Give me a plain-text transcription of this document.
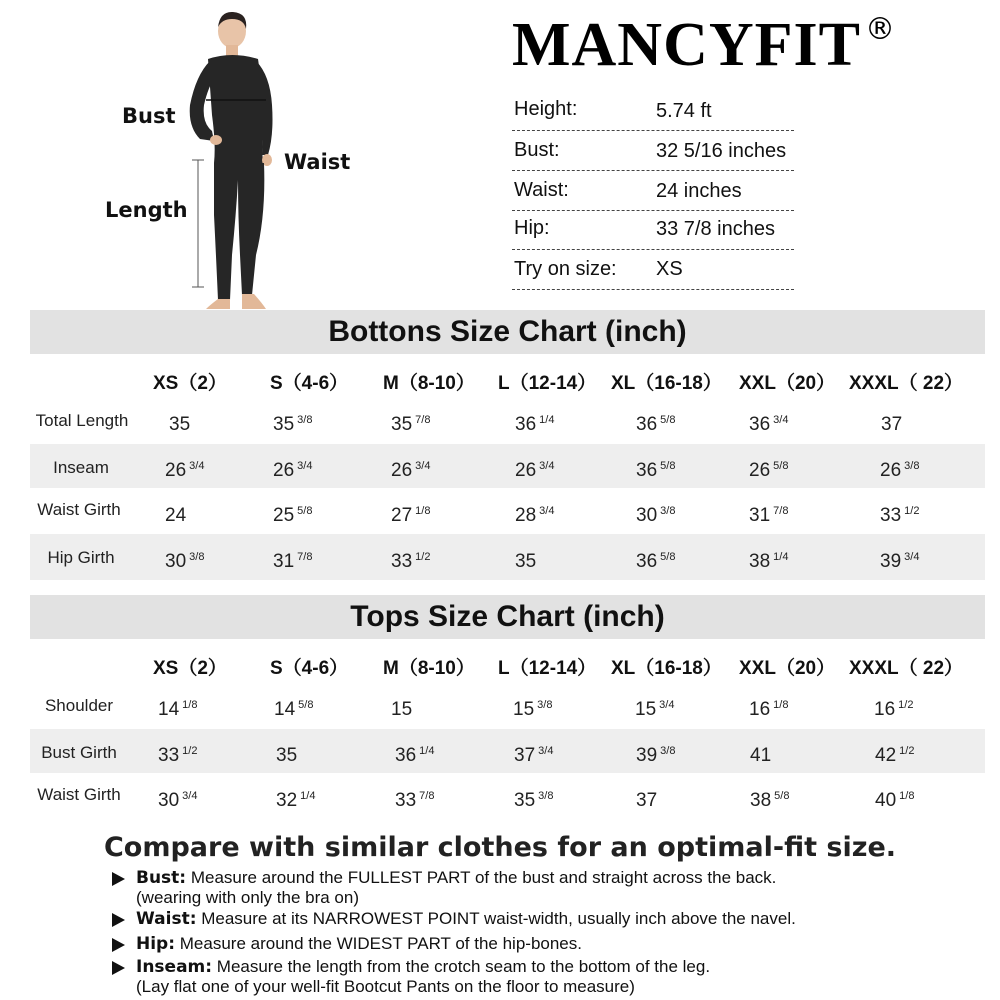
Bust
Waist
Length
MANCYFIT ®
Height:	5.74 ft
Bust:	32 5/16 inches
Waist:	24 inches
Hip:	33 7/8 inches
Try on size: XS
Bottons Size Chart (inch)
XS（2） S（4-6） M（8-10） L（12-14） XL（16-18） XXL（20） XXXL（ 22）
Total Length 35	35 $^{3/8}$	35 $^{7/8}$	36 $^{1/4}$	36 $^{5/8}$	36 $^{3/4}$	37
Inseam	26 $^{3/4}$	26 $^{3/4}$	26 $^{3/4}$	26 $^{3/4}$	36 $^{5/8}$	26 $^{5/8}$	26 $^{3/8}$
Waist Girth	24	25 $^{5/8}$	27 $^{1/8}$	28 $^{3/4}$	30 $^{3/8}$	31 $^{7/8}$	33 $^{1/2}$
Hip Girth	30 $^{3/8}$	31 $^{7/8}$	33 $^{1/2}$	35	36 $^{5/8}$	38 $^{1/4}$	39 $^{3/4}$
Tops Size Chart (inch)
XS（2） S（4-6） M（8-10） L（12-14） XL（16-18） XXL（20） XXXL（ 22）
Shoulder	14 $^{1/8}$	14 $^{5/8}$	15	15 $^{3/8}$	15 $^{3/4}$	16 $^{1/8}$	16 $^{1/2}$
Bust Girth	33 $^{1/2}$	35	36 $^{1/4}$	37 $^{3/4}$	39 $^{3/8}$	41	42 $^{1/2}$
Waist Girth	30 $^{3/4}$	32 $^{1/4}$	33 $^{7/8}$	35 $^{3/8}$	37	38 $^{5/8}$	40 $^{1/8}$
Compare with similar clothes for an optimal-fit size.
Bust: Measure around the FULLEST PART of the bust and straight across the back.
(wearing with only the bra on)
Waist: Measure at its NARROWEST POINT waist-width, usually inch above the navel.
Hip: Measure around the WIDEST PART of the hip-bones.
Inseam: Measure the length from the crotch seam to the bottom of the leg.
(Lay flat one of your well-fit Bootcut Pants on the floor to measure)
